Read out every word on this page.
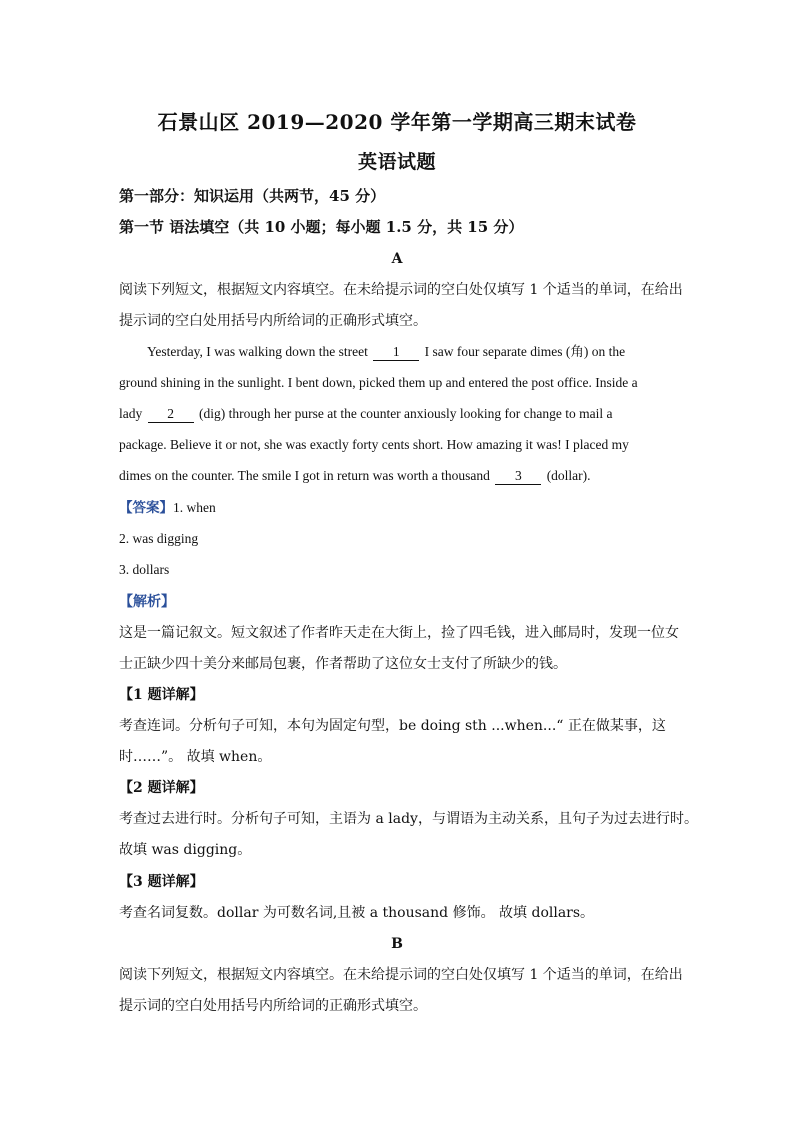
石景山区 2019—2020 学年第一学期高三期末试卷
英语试题
第一部分：知识运用（共两节，45 分）
第一节 语法填空（共 10 小题；每小题 1.5 分，共 15 分）
A
阅读下列短文，根据短文内容填空。在未给提示词的空白处仅填写 1 个适当的单词，在给出
提示词的空白处用括号内所给词的正确形式填空。
Yesterday, I was walking down the street 1 I saw four separate dimes (角) on the
ground shining in the sunlight. I bent down, picked them up and entered the post office. Inside a
lady 2 (dig) through her purse at the counter anxiously looking for change to mail a
package. Believe it or not, she was exactly forty cents short. How amazing it was! I placed my
dimes on the counter. The smile I got in return was worth a thousand 3 (dollar).
【答案】1. when
2. was digging
3. dollars
【解析】
这是一篇记叙文。短文叙述了作者昨天走在大街上，捡了四毛钱，进入邮局时，发现一位女
士正缺少四十美分来邮局包裹，作者帮助了这位女士支付了所缺少的钱。
【1 题详解】
考查连词。分析句子可知，本句为固定句型，be doing sth ...when...“ 正在做某事，这
时……”。 故填 when。
【2 题详解】
考查过去进行时。分析句子可知，主语为 a lady，与谓语为主动关系，且句子为过去进行时。
故填 was digging。
【3 题详解】
考查名词复数。dollar 为可数名词,且被 a thousand 修饰。 故填 dollars。
B
阅读下列短文，根据短文内容填空。在未给提示词的空白处仅填写 1 个适当的单词，在给出
提示词的空白处用括号内所给词的正确形式填空。
